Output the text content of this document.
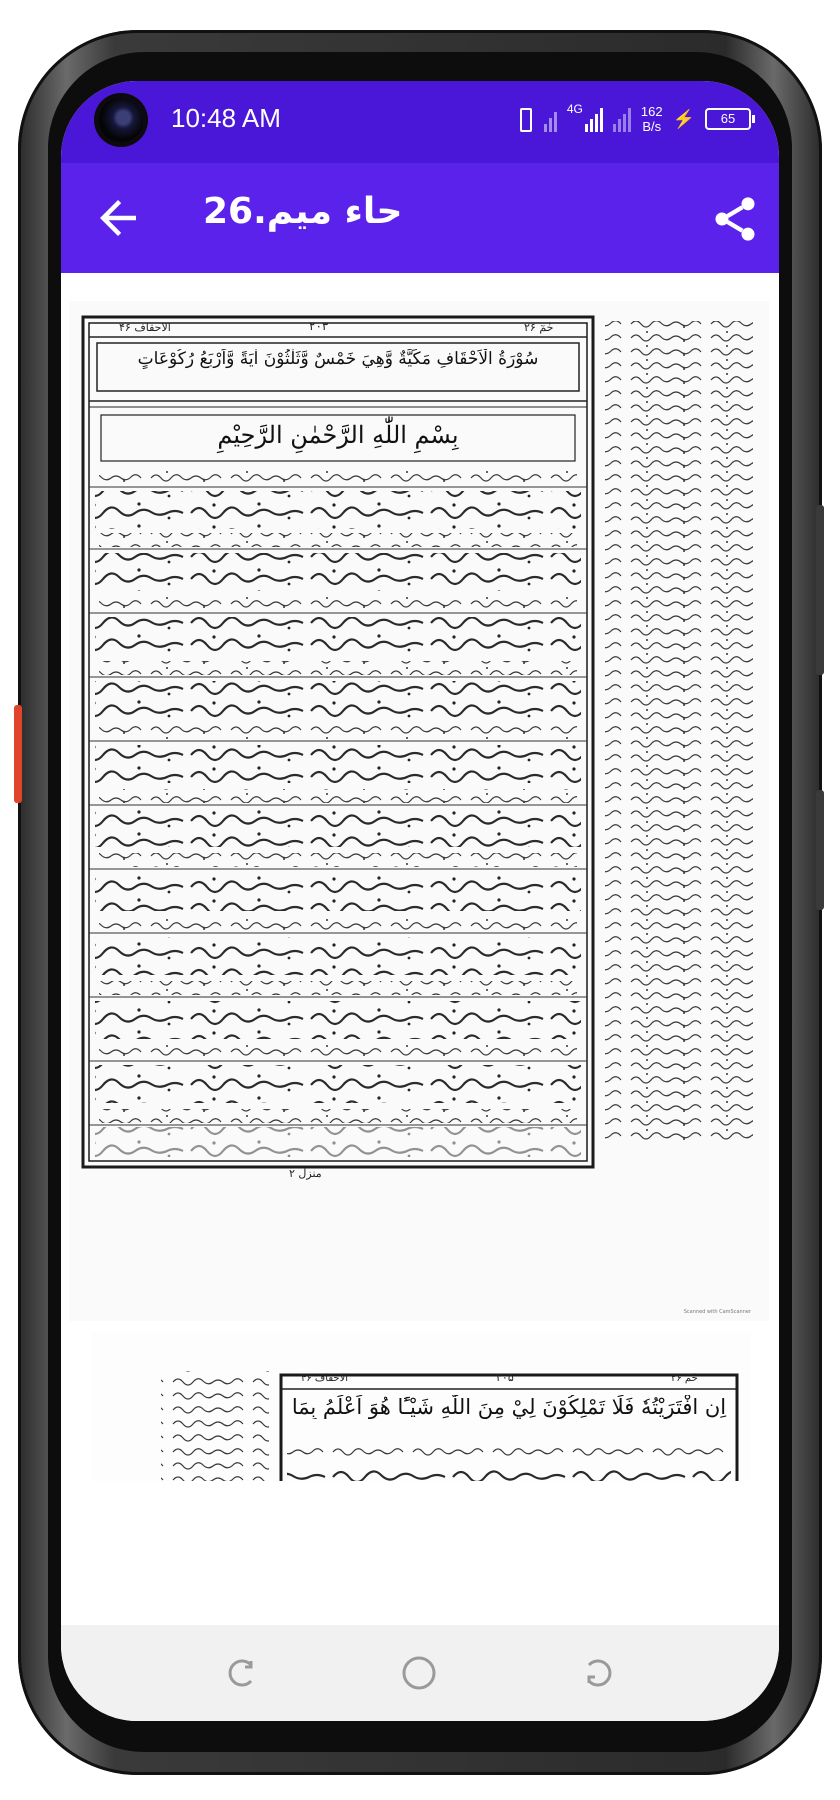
10:48 AM	4G	162
B/s ⚡	65
26.حاء میم
الاحقاف ۴۶	۲۰۳	حٰمٓ ۲۶
سُوْرَةُ الْاَحْقَافِ مَكِّيَّةٌ وَّهِيَ خَمْسٌ وَّثَلٰثُوْنَ اٰيَةً وَّاَرْبَعُ رُكُوْعَاتٍ
بِسْمِ اللّٰهِ الرَّحْمٰنِ الرَّحِيْمِ
منزل ۲
Scanned with CamScanner
الاحقاف ۴۶	۲۰۵	حٰمٓ ۲۶
اِنِ افْتَرَيْتُهٗ فَلَا تَمْلِكُوْنَ لِيْ مِنَ اللّٰهِ شَيْـًٔا هُوَ اَعْلَمُ بِمَا
